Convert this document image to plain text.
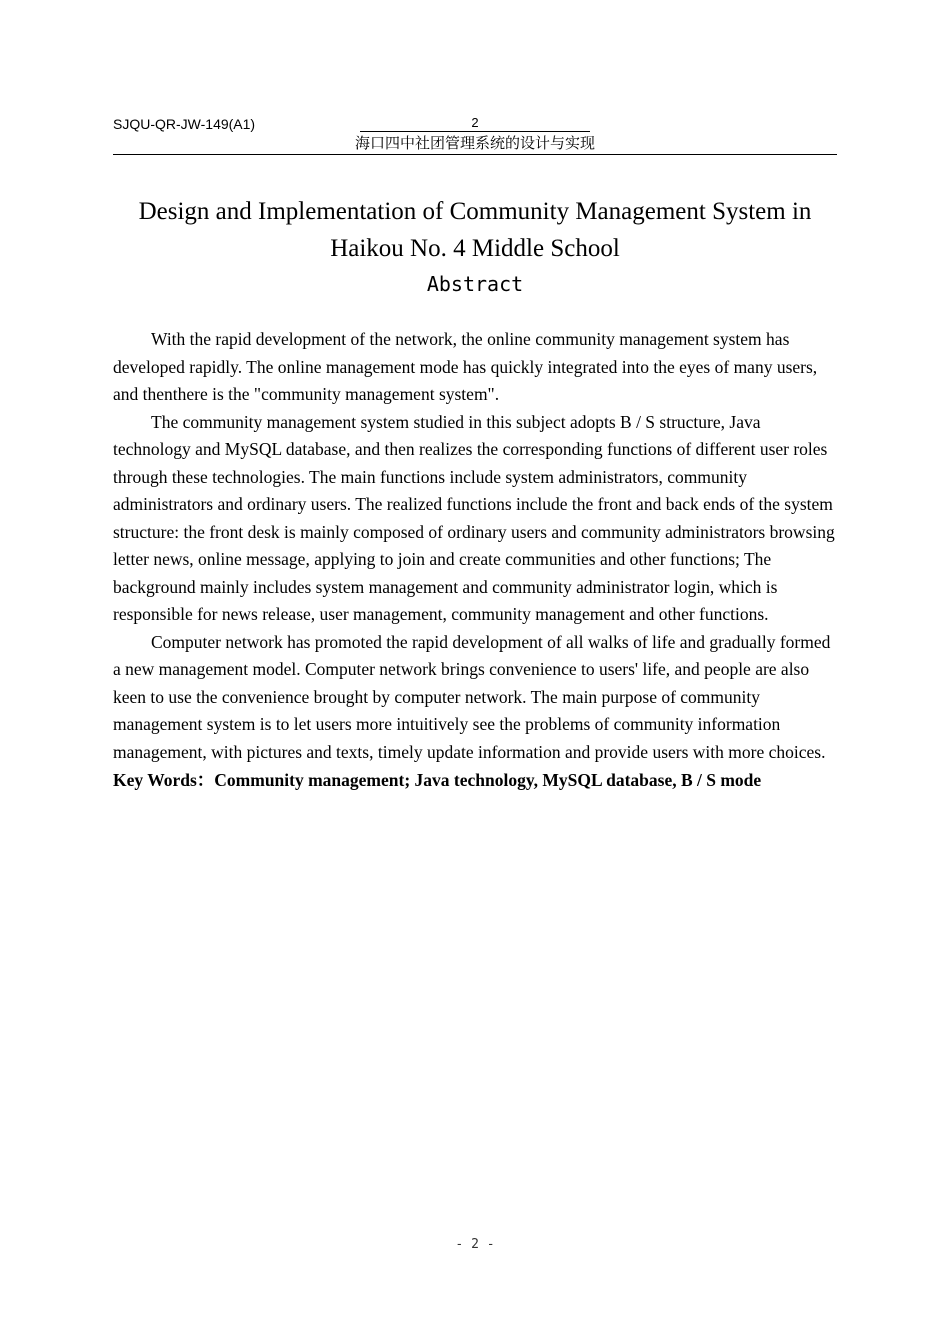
SJQU-QR-JW-149(A1)	2
海口四中社团管理系统的设计与实现
Design and Implementation of Community Management System in Haikou No. 4 Middle School
Abstract

With the rapid development of the network, the online community management system has developed rapidly. The online management mode has quickly integrated into the eyes of many users, and thenthere is the "community management system".

The community management system studied in this subject adopts B / S structure, Java technology and MySQL database, and then realizes the corresponding functions of different user roles through these technologies. The main functions include system administrators, community administrators and ordinary users. The realized functions include the front and back ends of the system structure: the front desk is mainly composed of ordinary users and community administrators browsing letter news, online message, applying to join and create communities and other functions; The background mainly includes system management and community administrator login, which is responsible for news release, user management, community management and other functions.

Computer network has promoted the rapid development of all walks of life and gradually formed a new management model. Computer network brings convenience to users' life, and people are also keen to use the convenience brought by computer network. The main purpose of community management system is to let users more intuitively see the problems of community information management, with pictures and texts, timely update information and provide users with more choices.

Key Words：Community management; Java technology, MySQL database, B / S mode
- 2 -
